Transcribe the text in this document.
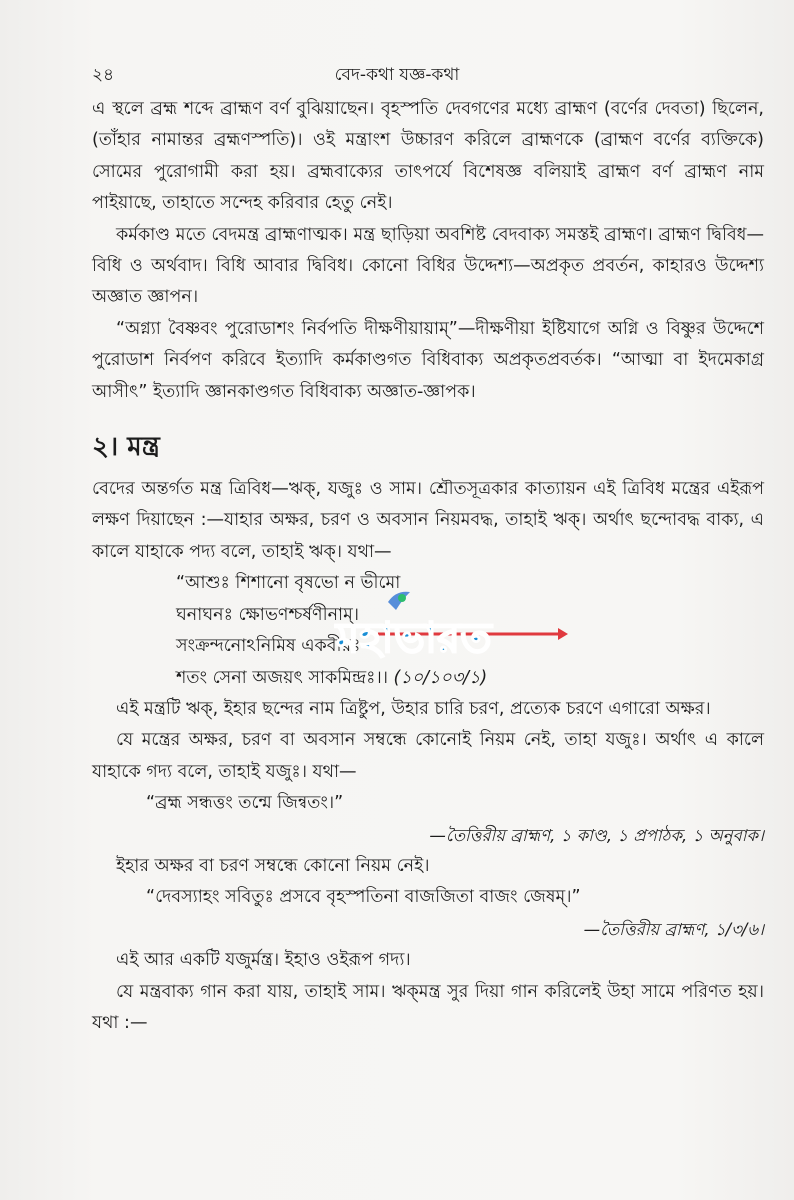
২৪	বেদ-কথা যজ্ঞ-কথা

এ স্থলে ব্রহ্ম শব্দে ব্রাহ্মণ বর্ণ বুঝিয়াছেন। বৃহস্পতি দেবগণের মধ্যে ব্রাহ্মণ (বর্ণের দেবতা) ছিলেন, (তাঁহার নামান্তর ব্রহ্মণস্পতি)। ওই মন্ত্রাংশ উচ্চারণ করিলে ব্রাহ্মণকে (ব্রাহ্মণ বর্ণের ব্যক্তিকে) সোমের পুরোগামী করা হয়। ব্রহ্মবাক্যের তাৎপর্যে বিশেষজ্ঞ বলিয়াই ব্রাহ্মণ বর্ণ ব্রাহ্মণ নাম পাইয়াছে, তাহাতে সন্দেহ করিবার হেতু নেই।

কর্মকাণ্ড মতে বেদমন্ত্র ব্রাহ্মণাত্মক। মন্ত্র ছাড়িয়া অবশিষ্ট বেদবাক্য সমস্তই ব্রাহ্মণ। ব্রাহ্মণ দ্বিবিধ—বিধি ও অর্থবাদ। বিধি আবার দ্বিবিধ। কোনো বিধির উদ্দেশ্য—অপ্রকৃত প্রবর্তন, কাহারও উদ্দেশ্য অজ্ঞাত জ্ঞাপন।

“অগ্ন্যা বৈষ্ণবং পুরোডাশং নির্বপতি দীক্ষণীয়ায়াম্”—দীক্ষণীয়া ইষ্টিযাগে অগ্নি ও বিষ্ণুর উদ্দেশে পুরোডাশ নির্বপণ করিবে ইত্যাদি কর্মকাণ্ডগত বিধিবাক্য অপ্রকৃতপ্রবর্তক। “আত্মা বা ইদমেকাগ্র আসীৎ” ইত্যাদি জ্ঞানকাণ্ডগত বিধিবাক্য অজ্ঞাত-জ্ঞাপক।

২। মন্ত্র

বেদের অন্তর্গত মন্ত্র ত্রিবিধ—ঋক্, যজুঃ ও সাম। শ্রৌতসূত্রকার কাত্যায়ন এই ত্রিবিধ মন্ত্রের এইরূপ লক্ষণ দিয়াছেন :—যাহার অক্ষর, চরণ ও অবসান নিয়মবদ্ধ, তাহাই ঋক্। অর্থাৎ ছন্দোবদ্ধ বাক্য, এ কালে যাহাকে পদ্য বলে, তাহাই ঋক্। যথা—

“আশুঃ শিশানো বৃষভো ন ভীমো

ঘনাঘনঃ ক্ষোভণশ্চর্ষণীনাম্।

সংক্রন্দনোঽনিমিষ একবীরঃ

শতং সেনা অজয়ৎ সাকমিন্দ্রঃ।। (১০/১০৩/১)

এই মন্ত্রটি ঋক্, ইহার ছন্দের নাম ত্রিষ্টুপ, উহার চারি চরণ, প্রত্যেক চরণে এগারো অক্ষর।

যে মন্ত্রের অক্ষর, চরণ বা অবসান সম্বন্ধে কোনোই নিয়ম নেই, তাহা যজুঃ। অর্থাৎ এ কালে যাহাকে গদ্য বলে, তাহাই যজুঃ। যথা—

“ব্রহ্ম সন্ধত্তং তন্মে জিন্বতং।”

—তৈত্তিরীয় ব্রাহ্মণ, ১ কাণ্ড, ১ প্রপাঠক, ১ অনুবাক।

ইহার অক্ষর বা চরণ সম্বন্ধে কোনো নিয়ম নেই।

“দেবস্যাহং সবিতুঃ প্রসবে বৃহস্পতিনা বাজজিতা বাজং জেষম্।”

—তৈত্তিরীয় ব্রাহ্মণ, ১/৩/৬।

এই আর একটি যজুর্মন্ত্র। ইহাও ওইরূপ গদ্য।

যে মন্ত্রবাক্য গান করা যায়, তাহাই সাম। ঋক্‌মন্ত্র সুর দিয়া গান করিলেই উহা সামে পরিণত হয়। যথা :—

মহাভারত
